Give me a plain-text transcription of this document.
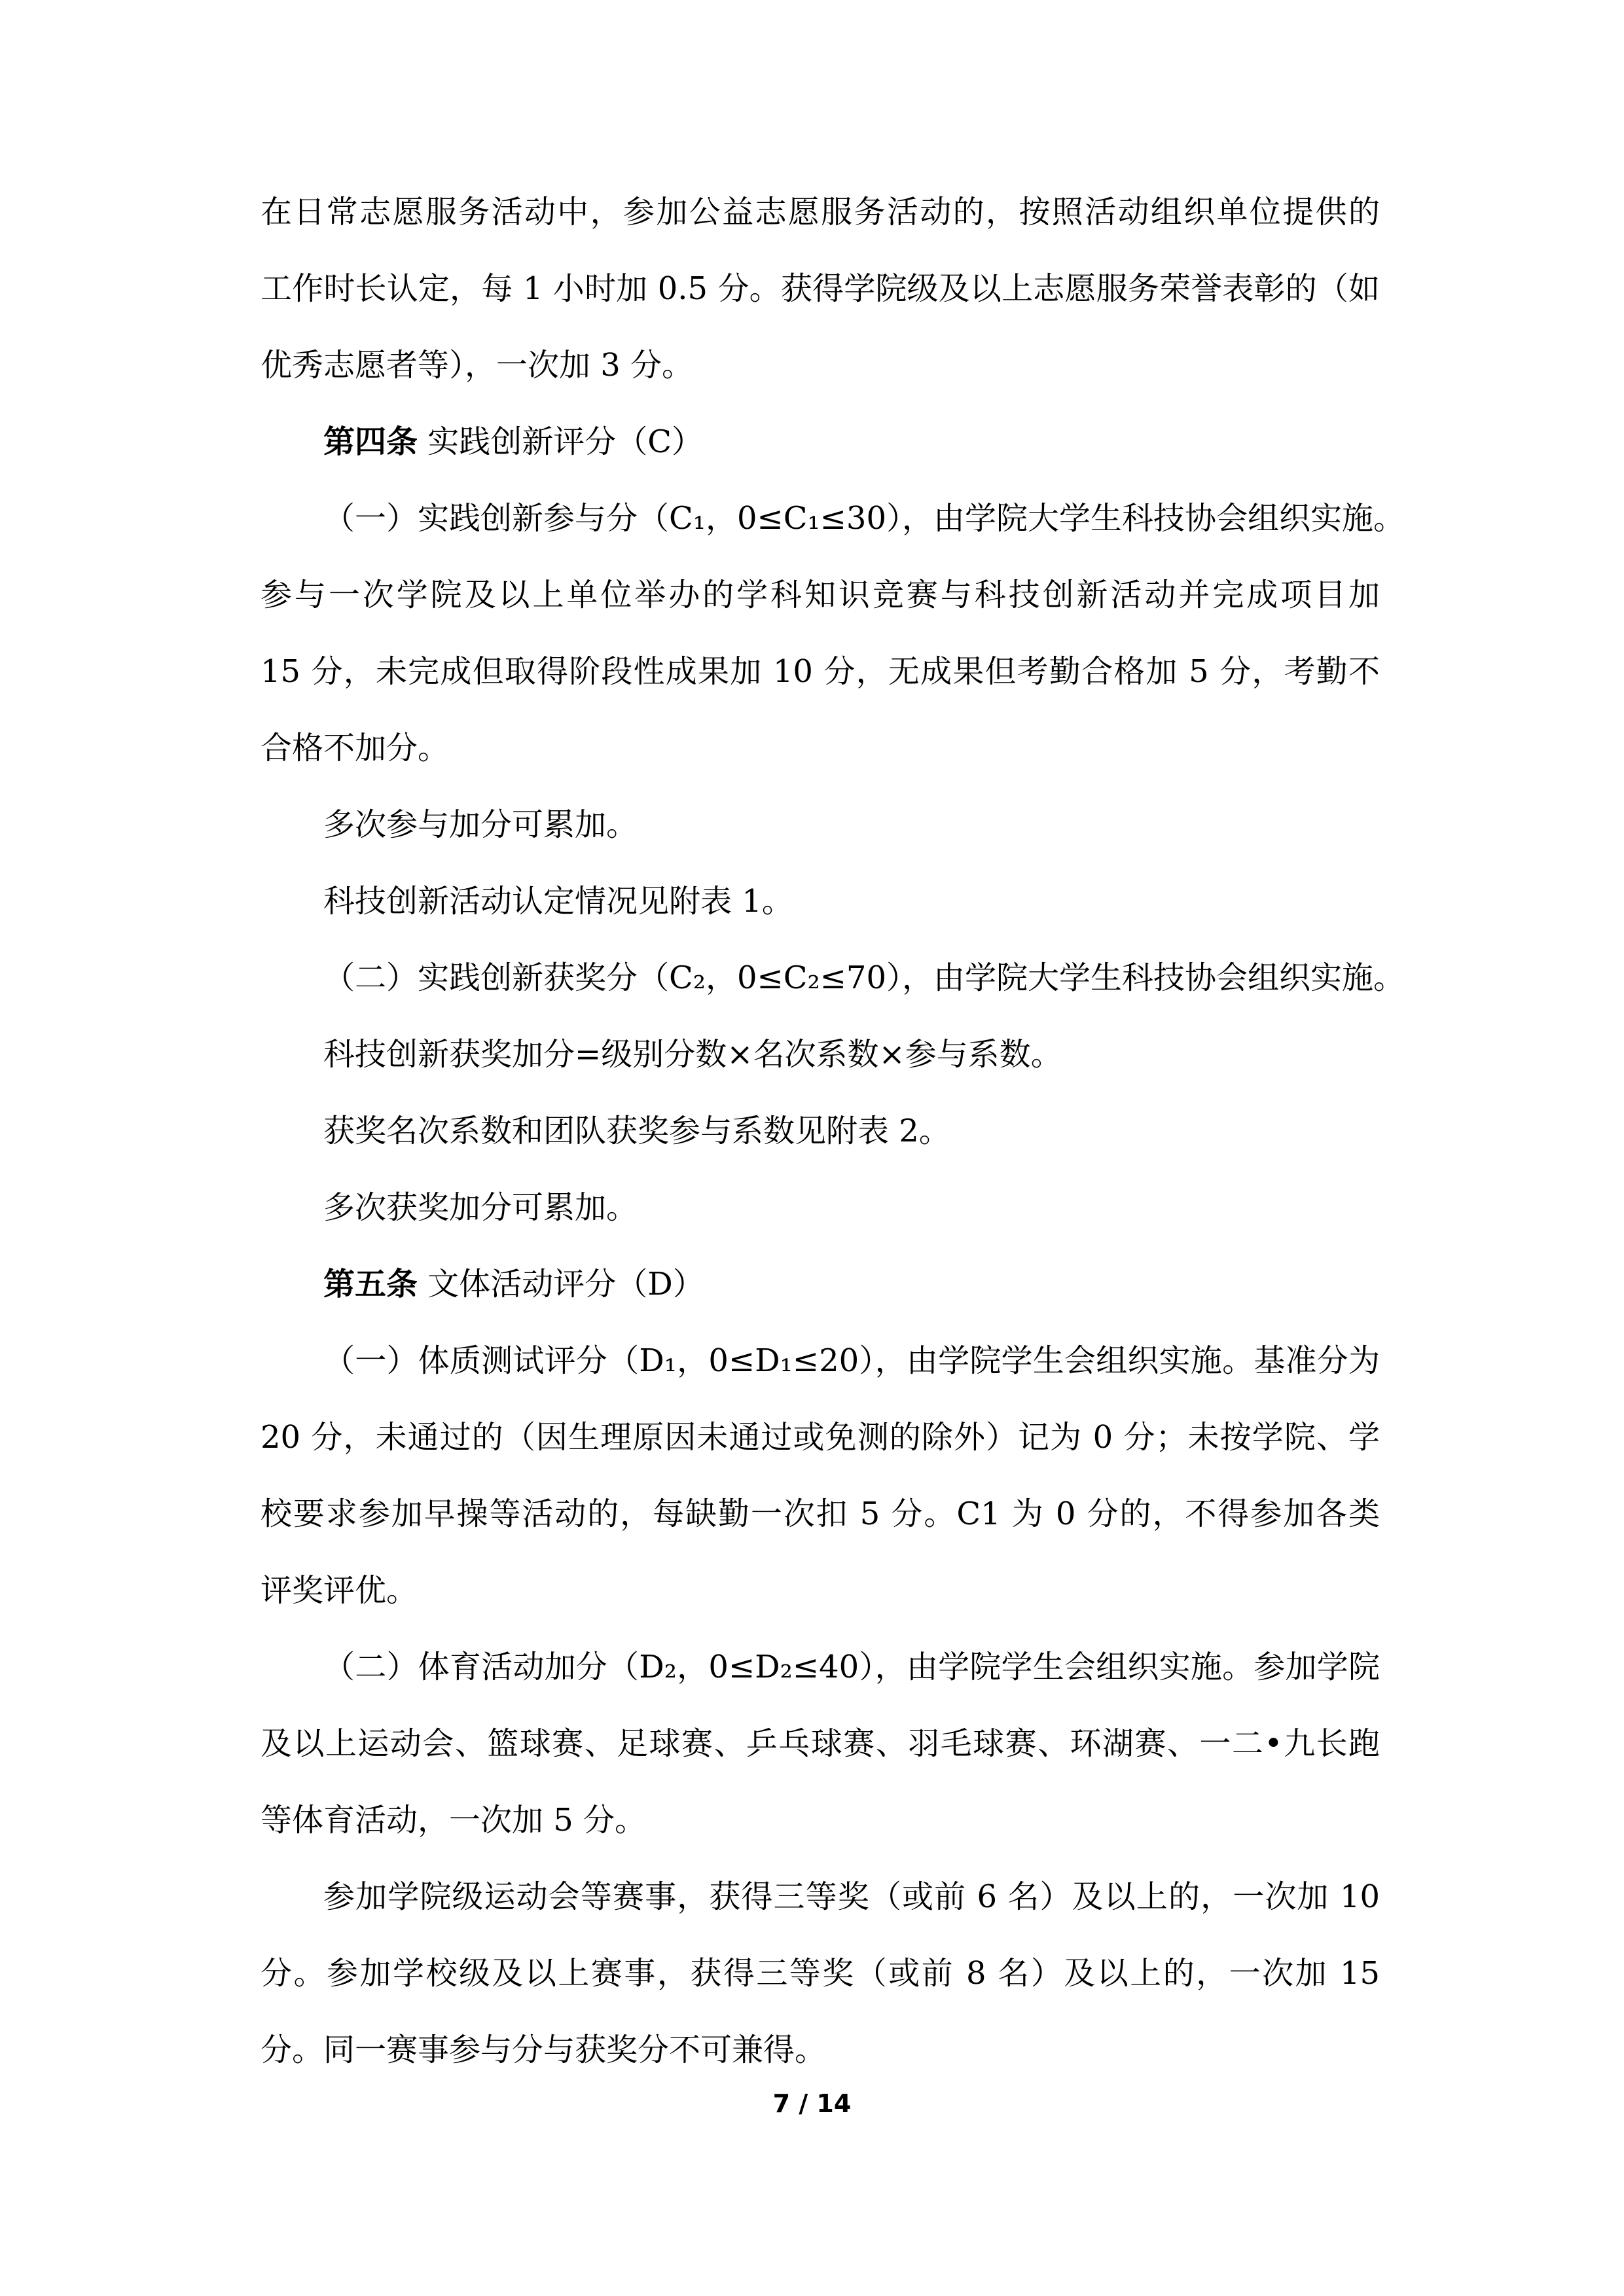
在日常志愿服务活动中，参加公益志愿服务活动的，按照活动组织单位提供的
工作时长认定，每 1 小时加 0.5 分。获得学院级及以上志愿服务荣誉表彰的（如
优秀志愿者等），一次加 3 分。
第四条 实践创新评分（C）
（一）实践创新参与分（C₁，0≤C₁≤30），由学院大学生科技协会组织实施。
参与一次学院及以上单位举办的学科知识竞赛与科技创新活动并完成项目加
15 分，未完成但取得阶段性成果加 10 分，无成果但考勤合格加 5 分，考勤不
合格不加分。
多次参与加分可累加。
科技创新活动认定情况见附表 1。
（二）实践创新获奖分（C₂，0≤C₂≤70），由学院大学生科技协会组织实施。
科技创新获奖加分=级别分数×名次系数×参与系数。
获奖名次系数和团队获奖参与系数见附表 2。
多次获奖加分可累加。
第五条 文体活动评分（D）
（一）体质测试评分（D₁，0≤D₁≤20），由学院学生会组织实施。基准分为
20 分，未通过的（因生理原因未通过或免测的除外）记为 0 分；未按学院、学
校要求参加早操等活动的，每缺勤一次扣 5 分。C1 为 0 分的，不得参加各类
评奖评优。
（二）体育活动加分（D₂，0≤D₂≤40），由学院学生会组织实施。参加学院
及以上运动会、篮球赛、足球赛、乒乓球赛、羽毛球赛、环湖赛、一二•九长跑
等体育活动，一次加 5 分。
参加学院级运动会等赛事，获得三等奖（或前 6 名）及以上的，一次加 10
分。参加学校级及以上赛事，获得三等奖（或前 8 名）及以上的，一次加 15
分。同一赛事参与分与获奖分不可兼得。
7 / 14
